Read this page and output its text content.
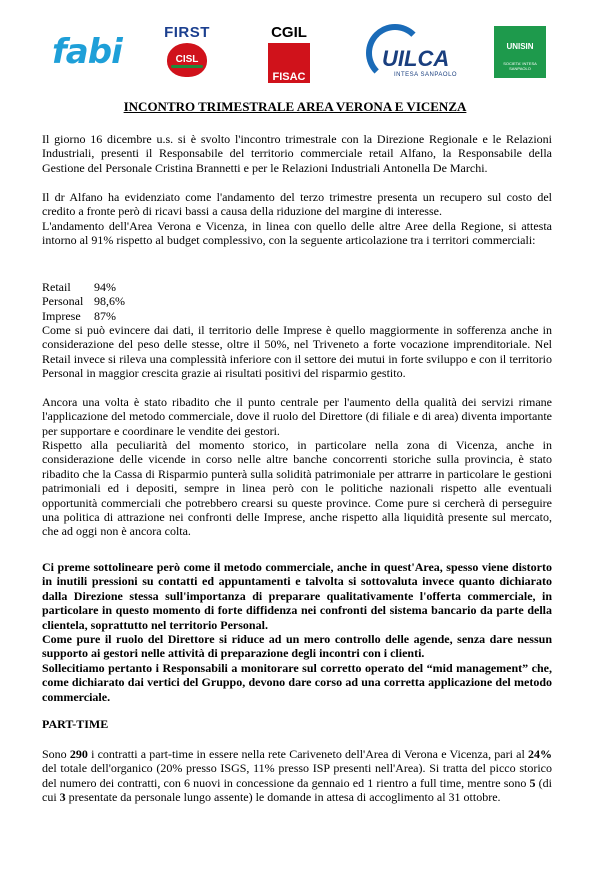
fabi	FIRST
CISL
CGIL
FISAC
UILCA
INTESA SANPAOLO
UNISIN
SOCIETA' INTESA SANPAOLO
INCONTRO TRIMESTRALE AREA VERONA E VICENZA
Il giorno 16 dicembre u.s. si è svolto l'incontro trimestrale con la Direzione Regionale e le Relazioni Industriali, presenti il Responsabile del territorio commerciale retail Alfano, la Responsabile della Gestione del Personale Cristina Brannetti e per le Relazioni Industriali Antonella De Marchi.
Il dr Alfano ha evidenziato come l'andamento del terzo trimestre presenta un recupero sul costo del credito a fronte però di ricavi bassi a causa della riduzione del margine di interesse.
L'andamento dell'Area Verona e Vicenza, in linea con quello delle altre Aree della Regione, si attesta intorno al 91% rispetto al budget complessivo, con la seguente articolazione tra i territori commerciali:
Retail 94%
Personal 98,6%
Imprese 87%
Come si può evincere dai dati, il territorio delle Imprese è quello maggiormente in sofferenza anche in considerazione del peso delle stesse, oltre il 50%, nel Triveneto a forte vocazione imprenditoriale. Nel Retail invece si rileva una complessità inferiore con il settore dei mutui in forte sviluppo e con il territorio Personal in maggior crescita grazie ai risultati positivi del risparmio gestito.
Ancora una volta è stato ribadito che il punto centrale per l'aumento della qualità dei servizi rimane l'applicazione del metodo commerciale, dove il ruolo del Direttore (di filiale e di area) diventa importante per supportare e coordinare le vendite dei gestori.
Rispetto alla peculiarità del momento storico, in particolare nella zona di Vicenza, anche in considerazione delle vicende in corso nelle altre banche concorrenti storiche sulla provincia, è stato ribadito che la Cassa di Risparmio punterà sulla solidità patrimoniale per attrarre in particolare le gestioni patrimoniali ed i depositi, sempre in linea però con le politiche nazionali rispetto alle eventuali opportunità commerciali che potrebbero crearsi su queste province. Come pure si cercherà di perseguire una politica di attrazione nei confronti delle Imprese, anche rispetto alla liquidità presente sul mercato, che ad oggi non è ancora colta.
Ci preme sottolineare però come il metodo commerciale, anche in quest'Area, spesso viene distorto in inutili pressioni su contatti ed appuntamenti e talvolta si sottovaluta invece quanto dichiarato dalla Direzione stessa sull'importanza di preparare qualitativamente l'offerta commerciale, in particolare in questo momento di forte diffidenza nei confronti del sistema bancario da parte della clientela, soprattutto nel territorio Personal.
Come pure il ruolo del Direttore si riduce ad un mero controllo delle agende, senza dare nessun supporto ai gestori nelle attività di preparazione degli incontri con i clienti.
Sollecitiamo pertanto i Responsabili a monitorare sul corretto operato del “mid management” che, come dichiarato dai vertici del Gruppo, devono dare corso ad una corretta applicazione del metodo commerciale.
PART-TIME
Sono 290 i contratti a part-time in essere nella rete Cariveneto dell'Area di Verona e Vicenza, pari al 24% del totale dell'organico (20% presso ISGS, 11% presso ISP presenti nell'Area). Si tratta del picco storico del numero dei contratti, con 6 nuovi in concessione da gennaio ed 1 rientro a full time, mentre sono 5 (di cui 3 presentate da personale lungo assente) le domande in attesa di accoglimento al 31 ottobre.
